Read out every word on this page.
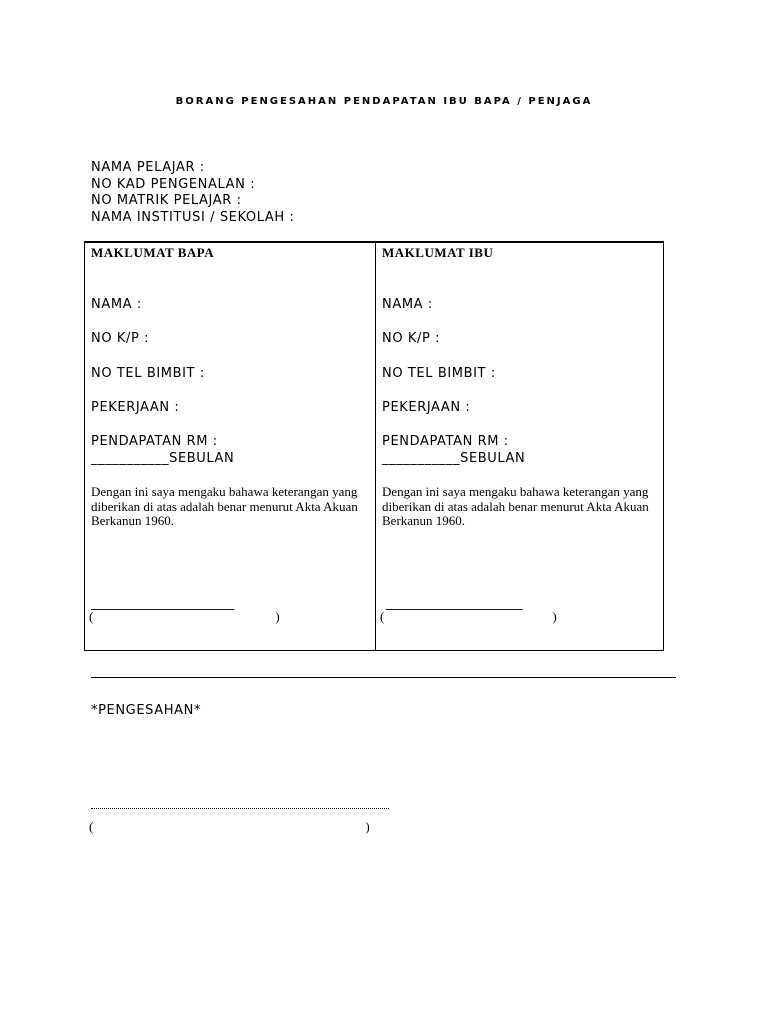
BORANG PENGESAHAN PENDAPATAN IBU BAPA / PENJAGA
NAMA PELAJAR :
NO KAD PENGENALAN :
NO MATRIK PELAJAR :
NAMA INSTITUSI / SEKOLAH :
MAKLUMAT BAPA
NAMA :
NO K/P :
NO TEL BIMBIT :
PEKERJAAN :
PENDAPATAN RM :
___________SEBULAN
Dengan ini saya mengaku bahawa keterangan yang diberikan di atas adalah benar menurut Akta Akuan Berkanun 1960.
______________________
(	)
MAKLUMAT IBU
NAMA :
NO K/P :
NO TEL BIMBIT :
PEKERJAAN :
PENDAPATAN RM :
___________SEBULAN
Dengan ini saya mengaku bahawa keterangan yang diberikan di atas adalah benar menurut Akta Akuan Berkanun 1960.
_____________________
(	)
*PENGESAHAN*
(	)
